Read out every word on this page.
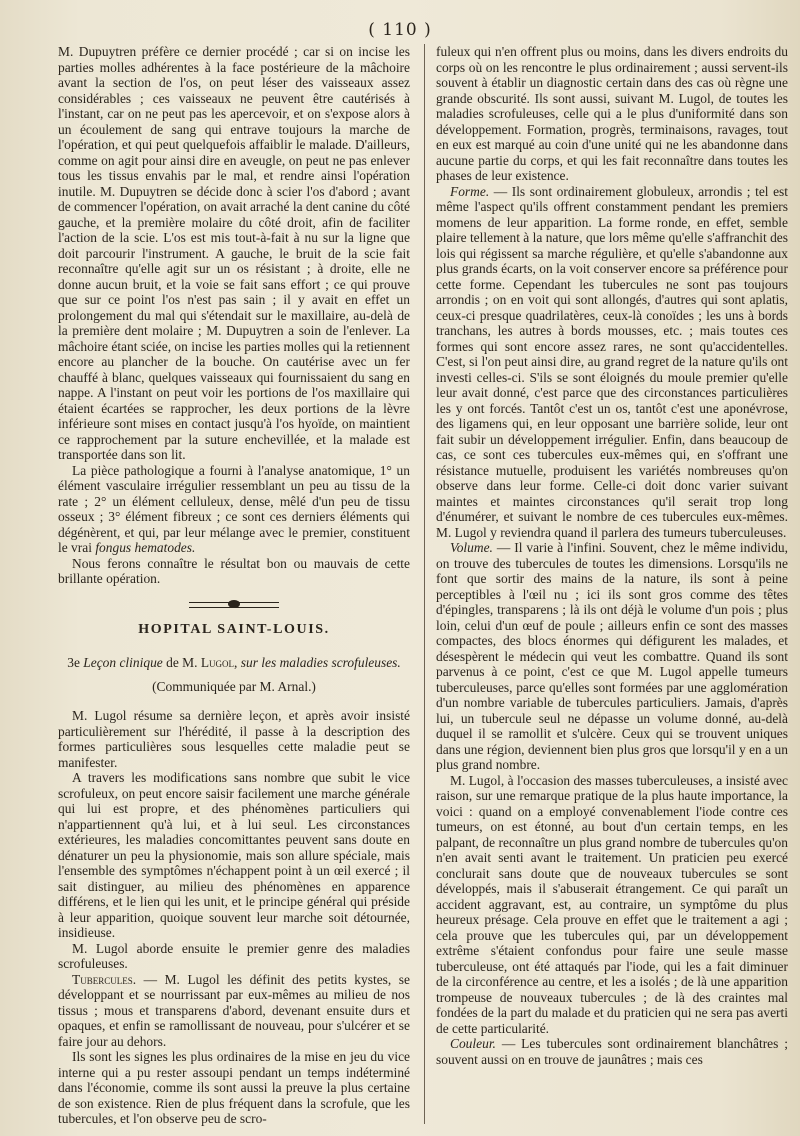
( 110 )

M. Dupuytren préfère ce dernier procédé ; car si on incise les parties molles adhérentes à la face postérieure de la mâchoire avant la section de l'os, on peut léser des vaisseaux assez considérables ; ces vaisseaux ne peuvent être cautérisés à l'instant, car on ne peut pas les apercevoir, et on s'expose alors à un écoulement de sang qui entrave toujours la marche de l'opération, et qui peut quelquefois affaiblir le malade. D'ailleurs, comme on agit pour ainsi dire en aveugle, on peut ne pas enlever tous les tissus envahis par le mal, et rendre ainsi l'opération inutile. M. Dupuytren se décide donc à scier l'os d'abord ; avant de commencer l'opération, on avait arraché la dent canine du côté gauche, et la première molaire du côté droit, afin de faciliter l'action de la scie. L'os est mis tout-à-fait à nu sur la ligne que doit parcourir l'instrument. A gauche, le bruit de la scie fait reconnaître qu'elle agit sur un os résistant ; à droite, elle ne donne aucun bruit, et la voie se fait sans effort ; ce qui prouve que sur ce point l'os n'est pas sain ; il y avait en effet un prolongement du mal qui s'étendait sur le maxillaire, au-delà de la première dent molaire ; M. Dupuytren a soin de l'enlever. La mâchoire étant sciée, on incise les parties molles qui la retiennent encore au plancher de la bouche. On cautérise avec un fer chauffé à blanc, quelques vaisseaux qui fournissaient du sang en nappe. A l'instant on peut voir les portions de l'os maxillaire qui étaient écartées se rapprocher, les deux portions de la lèvre inférieure sont mises en contact jusqu'à l'os hyoïde, on maintient ce rapprochement par la suture enchevillée, et la malade est transportée dans son lit.

La pièce pathologique a fourni à l'analyse anatomique, 1° un élément vasculaire irrégulier ressemblant un peu au tissu de la rate ; 2° un élément celluleux, dense, mêlé d'un peu de tissu osseux ; 3° élément fibreux ; ce sont ces derniers éléments qui dégénèrent, et qui, par leur mélange avec le premier, constituent le vrai fongus hematodes.

Nous ferons connaître le résultat bon ou mauvais de cette brillante opération.

HOPITAL SAINT-LOUIS.
3e Leçon clinique de M. Lugol, sur les maladies scrofuleuses.
(Communiquée par M. Arnal.)

M. Lugol résume sa dernière leçon, et après avoir insisté particulièrement sur l'hérédité, il passe à la description des formes particulières sous lesquelles cette maladie peut se manifester.

A travers les modifications sans nombre que subit le vice scrofuleux, on peut encore saisir facilement une marche générale qui lui est propre, et des phénomènes particuliers qui n'appartiennent qu'à lui, et à lui seul. Les circonstances extérieures, les maladies concomittantes peuvent sans doute en dénaturer un peu la physionomie, mais son allure spéciale, mais l'ensemble des symptômes n'échappent point à un œil exercé ; il sait distinguer, au milieu des phénomènes en apparence différens, et le lien qui les unit, et le principe général qui préside à leur apparition, quoique souvent leur marche soit détournée, insidieuse.

M. Lugol aborde ensuite le premier genre des maladies scrofuleuses.

Tubercules. — M. Lugol les définit des petits kystes, se développant et se nourrissant par eux-mêmes au milieu de nos tissus ; mous et transparens d'abord, devenant ensuite durs et opaques, et enfin se ramollissant de nouveau, pour s'ulcérer et se faire jour au dehors.

Ils sont les signes les plus ordinaires de la mise en jeu du vice interne qui a pu rester assoupi pendant un temps indéterminé dans l'économie, comme ils sont aussi la preuve la plus certaine de son existence. Rien de plus fréquent dans la scrofule, que les tubercules, et l'on observe peu de scro-

fuleux qui n'en offrent plus ou moins, dans les divers endroits du corps où on les rencontre le plus ordinairement ; aussi servent-ils souvent à établir un diagnostic certain dans des cas où règne une grande obscurité. Ils sont aussi, suivant M. Lugol, de toutes les maladies scrofuleuses, celle qui a le plus d'uniformité dans son développement. Formation, progrès, terminaisons, ravages, tout en eux est marqué au coin d'une unité qui ne les abandonne dans aucune partie du corps, et qui les fait reconnaître dans toutes les phases de leur existence.

Forme. — Ils sont ordinairement globuleux, arrondis ; tel est même l'aspect qu'ils offrent constamment pendant les premiers momens de leur apparition. La forme ronde, en effet, semble plaire tellement à la nature, que lors même qu'elle s'affranchit des lois qui régissent sa marche régulière, et qu'elle s'abandonne aux plus grands écarts, on la voit conserver encore sa préférence pour cette forme. Cependant les tubercules ne sont pas toujours arrondis ; on en voit qui sont allongés, d'autres qui sont aplatis, ceux-ci presque quadrilatères, ceux-là conoïdes ; les uns à bords tranchans, les autres à bords mousses, etc. ; mais toutes ces formes qui sont encore assez rares, ne sont qu'accidentelles. C'est, si l'on peut ainsi dire, au grand regret de la nature qu'ils ont investi celles-ci. S'ils se sont éloignés du moule premier qu'elle leur avait donné, c'est parce que des circonstances particulières les y ont forcés. Tantôt c'est un os, tantôt c'est une aponévrose, des ligamens qui, en leur opposant une barrière solide, leur ont fait subir un développement irrégulier. Enfin, dans beaucoup de cas, ce sont ces tubercules eux-mêmes qui, en s'offrant une résistance mutuelle, produisent les variétés nombreuses qu'on observe dans leur forme. Celle-ci doit donc varier suivant maintes et maintes circonstances qu'il serait trop long d'énumérer, et suivant le nombre de ces tubercules eux-mêmes. M. Lugol y reviendra quand il parlera des tumeurs tuberculeuses.

Volume. — Il varie à l'infini. Souvent, chez le même individu, on trouve des tubercules de toutes les dimensions. Lorsqu'ils ne font que sortir des mains de la nature, ils sont à peine perceptibles à l'œil nu ; ici ils sont gros comme des têtes d'épingles, transparens ; là ils ont déjà le volume d'un pois ; plus loin, celui d'un œuf de poule ; ailleurs enfin ce sont des masses compactes, des blocs énormes qui défigurent les malades, et désespèrent le médecin qui veut les combattre. Quand ils sont parvenus à ce point, c'est ce que M. Lugol appelle tumeurs tuberculeuses, parce qu'elles sont formées par une agglomération d'un nombre variable de tubercules particuliers. Jamais, d'après lui, un tubercule seul ne dépasse un volume donné, au-delà duquel il se ramollit et s'ulcère. Ceux qui se trouvent uniques dans une région, deviennent bien plus gros que lorsqu'il y en a un plus grand nombre.

M. Lugol, à l'occasion des masses tuberculeuses, a insisté avec raison, sur une remarque pratique de la plus haute importance, la voici : quand on a employé convenablement l'iode contre ces tumeurs, on est étonné, au bout d'un certain temps, en les palpant, de reconnaître un plus grand nombre de tubercules qu'on n'en avait senti avant le traitement. Un praticien peu exercé conclurait sans doute que de nouveaux tubercules se sont développés, mais il s'abuserait étrangement. Ce qui paraît un accident aggravant, est, au contraire, un symptôme du plus heureux présage. Cela prouve en effet que le traitement a agi ; cela prouve que les tubercules qui, par un développement extrême s'étaient confondus pour faire une seule masse tuberculeuse, ont été attaqués par l'iode, qui les a fait diminuer de la circonférence au centre, et les a isolés ; de là une apparition trompeuse de nouveaux tubercules ; de là des craintes mal fondées de la part du malade et du praticien qui ne sera pas averti de cette particularité.

Couleur. — Les tubercules sont ordinairement blanchâtres ; souvent aussi on en trouve de jaunâtres ; mais ces
